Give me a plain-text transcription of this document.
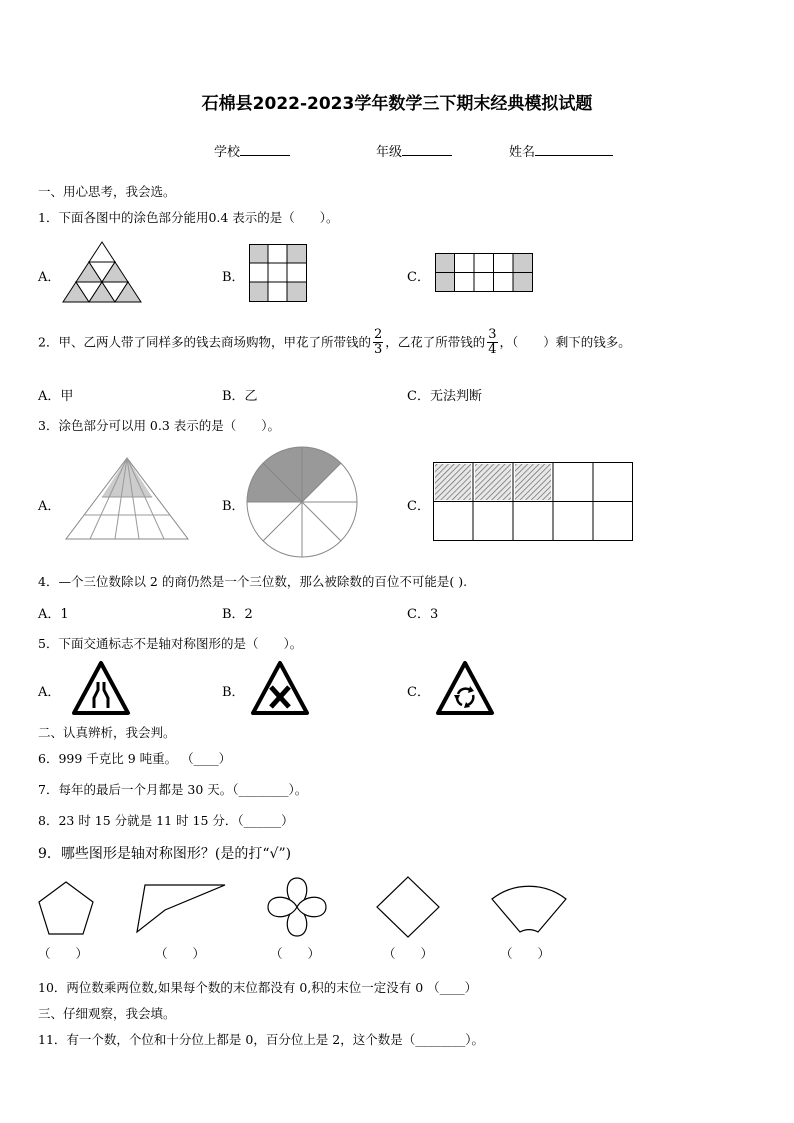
石棉县2022-2023学年数学三下期末经典模拟试题
学校	年级	姓名
一、用心思考，我会选。
1．下面各图中的涂色部分能用0.4 表示的是（　　）。
A．	B．	C．
2．甲、乙两人带了同样多的钱去商场购物，甲花了所带钱的 $\frac{2}{3}$ ，乙花了所带钱的 $\frac{3}{4}$ ，（　　）剩下的钱多。
A．甲	B．乙	C．无法判断
3．涂色部分可以用 0.3 表示的是（　　）。
A．	B．	C．
4．—个三位数除以 2 的商仍然是一个三位数，那么被除数的百位不可能是( ).
A．1	B．2	C．3
5．下面交通标志不是轴对称图形的是（　　）。
A．	B．	C．
二、认真辨析，我会判。
6．999 千克比 9 吨重。 （____）
7．每年的最后一个月都是 30 天。（________）。
8．23 时 15 分就是 11 时 15 分．（______）
9．哪些图形是轴对称图形？(是的打“√”)
（　　）	（　　）	（　　）	（　　）	（　　）
10．两位数乘两位数,如果每个数的末位都没有 0,积的末位一定没有 0 （____）
三、仔细观察，我会填。
11．有一个数，个位和十分位上都是 0，百分位上是 2，这个数是（________）。
